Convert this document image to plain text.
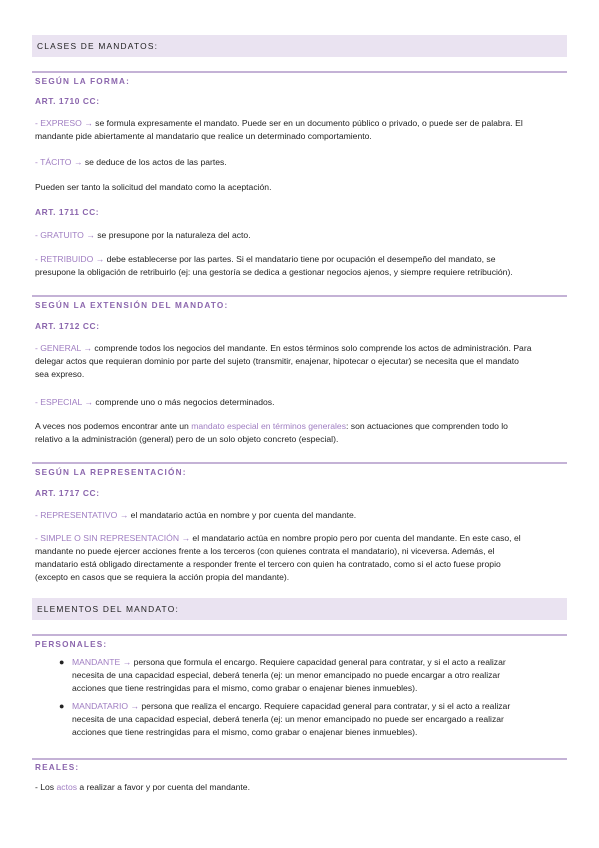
CLASES DE MANDATOS:
SEGÚN LA FORMA:
ART. 1710 CC:
- EXPRESO → se formula expresamente el mandato. Puede ser en un documento público o privado, o puede ser de palabra. El
mandante pide abiertamente al mandatario que realice un determinado comportamiento.
- TÁCITO → se deduce de los actos de las partes.
Pueden ser tanto la solicitud del mandato como la aceptación.
ART. 1711 CC:
- GRATUITO → se presupone por la naturaleza del acto.
- RETRIBUIDO → debe establecerse por las partes. Si el mandatario tiene por ocupación el desempeño del mandato, se
presupone la obligación de retribuirlo (ej: una gestoría se dedica a gestionar negocios ajenos, y siempre requiere retribución).
SEGÚN LA EXTENSIÓN DEL MANDATO:
ART. 1712 CC:
- GENERAL → comprende todos los negocios del mandante. En estos términos solo comprende los actos de administración. Para
delegar actos que requieran dominio por parte del sujeto (transmitir, enajenar, hipotecar o ejecutar) se necesita que el mandato
sea expreso.
- ESPECIAL → comprende uno o más negocios determinados.
A veces nos podemos encontrar ante un mandato especial en términos generales: son actuaciones que comprenden todo lo
relativo a la administración (general) pero de un solo objeto concreto (especial).
SEGÚN LA REPRESENTACIÓN:
ART. 1717 CC:
- REPRESENTATIVO → el mandatario actúa en nombre y por cuenta del mandante.
- SIMPLE O SIN REPRESENTACIÓN → el mandatario actúa en nombre propio pero por cuenta del mandante. En este caso, el
mandante no puede ejercer acciones frente a los terceros (con quienes contrata el mandatario), ni viceversa. Además, el
mandatario está obligado directamente a responder frente el tercero con quien ha contratado, como si el acto fuese propio
(excepto en casos que se requiera la acción propia del mandante).
ELEMENTOS DEL MANDATO:
PERSONALES:
● MANDANTE → persona que formula el encargo. Requiere capacidad general para contratar, y si el acto a realizar
necesita de una capacidad especial, deberá tenerla (ej: un menor emancipado no puede encargar a otro realizar
acciones que tiene restringidas para el mismo, como grabar o enajenar bienes inmuebles).
● MANDATARIO → persona que realiza el encargo. Requiere capacidad general para contratar, y si el acto a realizar
necesita de una capacidad especial, deberá tenerla (ej: un menor emancipado no puede ser encargado a realizar
acciones que tiene restringidas para el mismo, como grabar o enajenar bienes inmuebles).
REALES:
- Los actos a realizar a favor y por cuenta del mandante.
